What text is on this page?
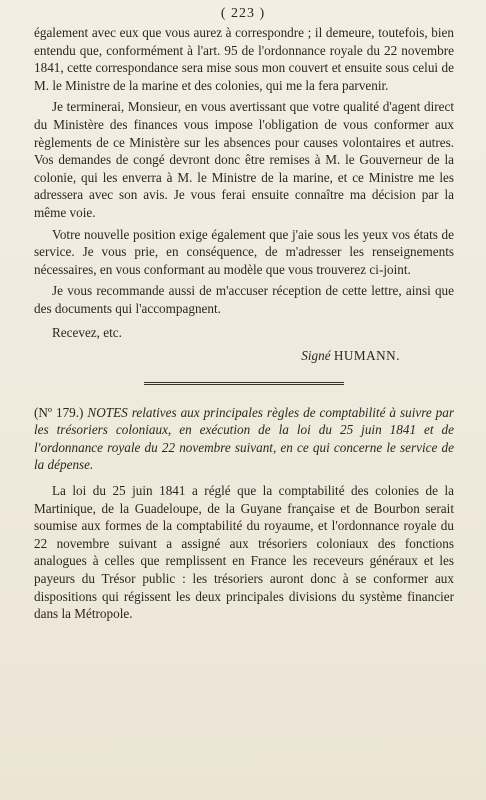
( 223 )

également avec eux que vous aurez à correspondre ; il demeure, toutefois, bien entendu que, conformément à l'art. 95 de l'ordonnance royale du 22 novembre 1841, cette correspondance sera mise sous mon couvert et ensuite sous celui de M. le Ministre de la marine et des colonies, qui me la fera parvenir.

Je terminerai, Monsieur, en vous avertissant que votre qualité d'agent direct du Ministère des finances vous impose l'obligation de vous conformer aux règlements de ce Ministère sur les absences pour causes volontaires et autres. Vos demandes de congé devront donc être remises à M. le Gouverneur de la colonie, qui les enverra à M. le Ministre de la marine, et ce Ministre me les adressera avec son avis. Je vous ferai ensuite connaître ma décision par la même voie.

Votre nouvelle position exige également que j'aie sous les yeux vos états de service. Je vous prie, en conséquence, de m'adresser les renseignements nécessaires, en vous conformant au modèle que vous trouverez ci-joint.

Je vous recommande aussi de m'accuser réception de cette lettre, ainsi que des documents qui l'accompagnent.

Recevez, etc.

Signé HUMANN.

(Nº 179.) NOTES relatives aux principales règles de comptabilité à suivre par les trésoriers coloniaux, en exécution de la loi du 25 juin 1841 et de l'ordonnance royale du 22 novembre suivant, en ce qui concerne le service de la dépense.

La loi du 25 juin 1841 a réglé que la comptabilité des colonies de la Martinique, de la Guadeloupe, de la Guyane française et de Bourbon serait soumise aux formes de la comptabilité du royaume, et l'ordonnance royale du 22 novembre suivant a assigné aux trésoriers coloniaux des fonctions analogues à celles que remplissent en France les receveurs généraux et les payeurs du Trésor public : les trésoriers auront donc à se conformer aux dispositions qui régissent les deux principales divisions du système financier dans la Métropole.
